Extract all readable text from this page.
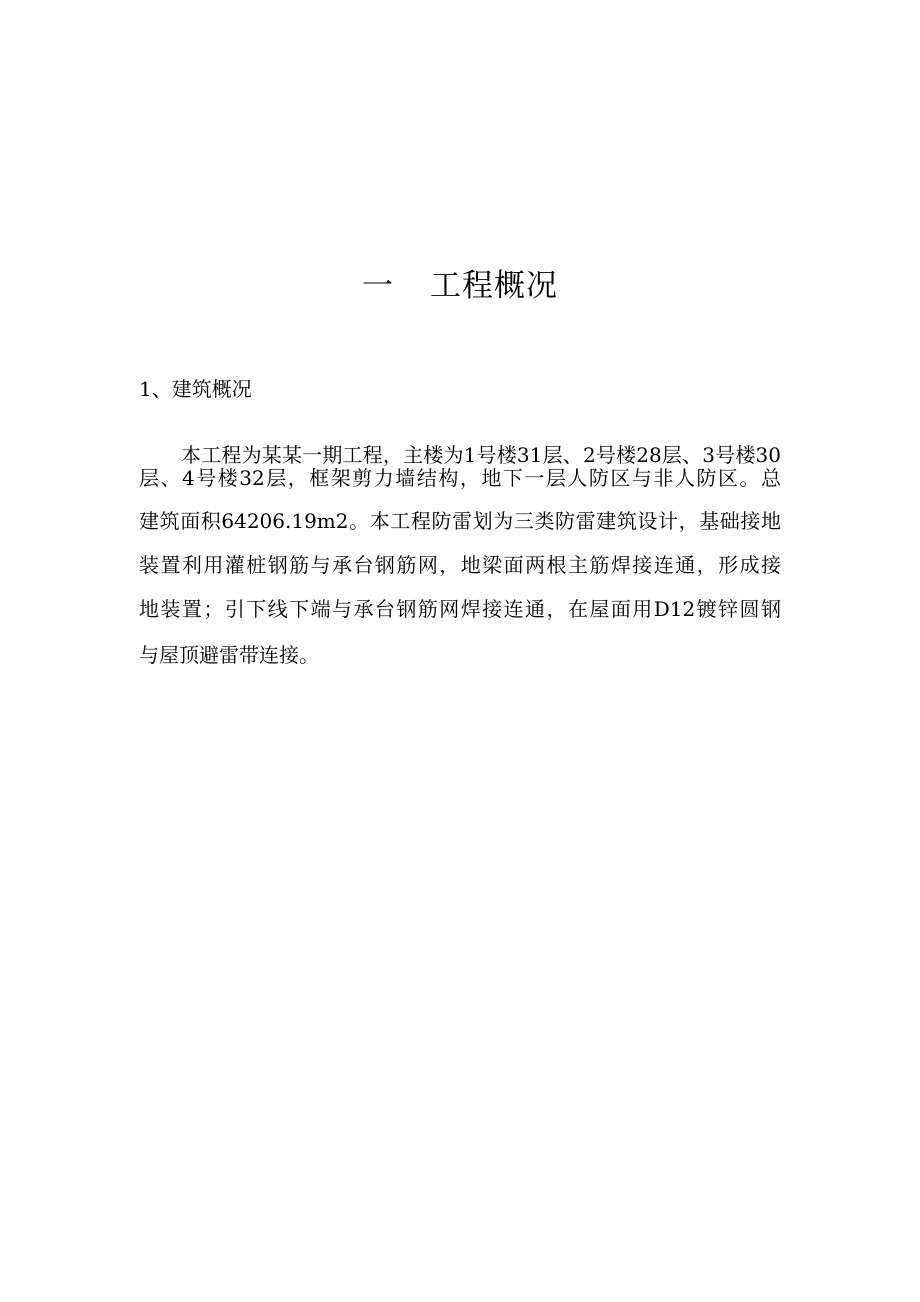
一 工程概况
1、建筑概况
本工程为某某一期工程，主楼为1号楼31层、2号楼28层、3号楼30
层、4号楼32层，框架剪力墙结构，地下一层人防区与非人防区。总
建筑面积64206.19m2。本工程防雷划为三类防雷建筑设计，基础接地
装置利用灌桩钢筋与承台钢筋网，地梁面两根主筋焊接连通，形成接
地装置；引下线下端与承台钢筋网焊接连通，在屋面用D12镀锌圆钢
与屋顶避雷带连接。
